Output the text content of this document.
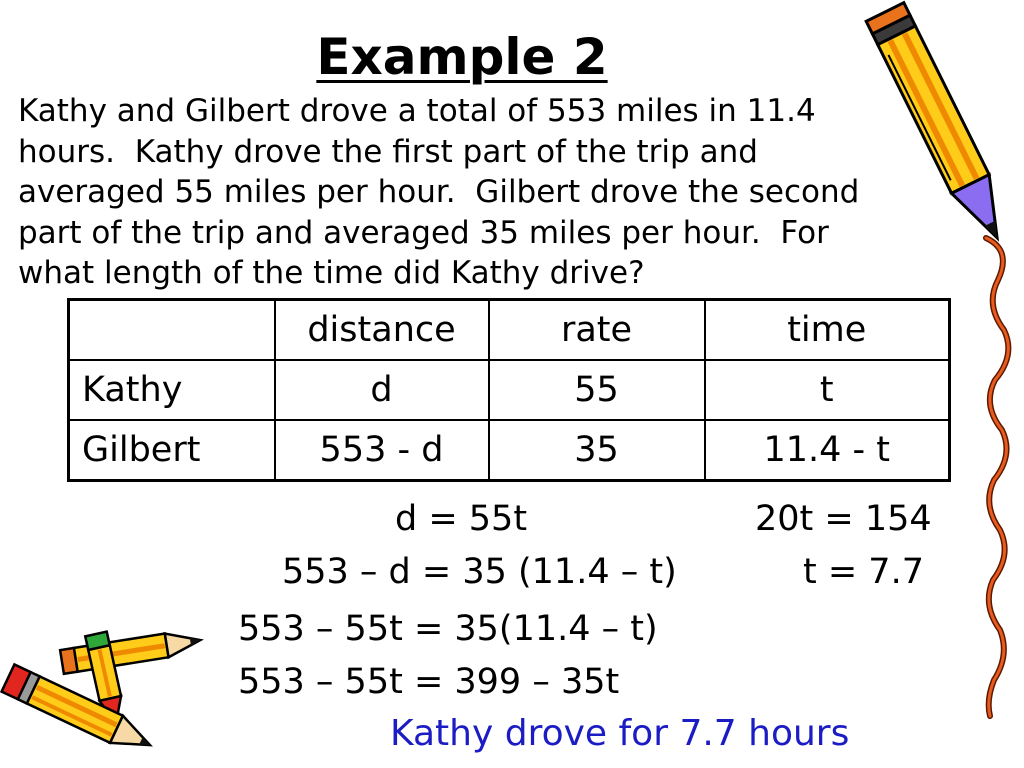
Example 2
Kathy and Gilbert drove a total of 553 miles in 11.4
hours.  Kathy drove the first part of the trip and
averaged 55 miles per hour.  Gilbert drove the second
part of the trip and averaged 35 miles per hour.  For
what length of the time did Kathy drive?
	distance	rate	time
Kathy	d	55	t
Gilbert	553 - d	35	11.4 - t
d = 55t
553 – d = 35 (11.4 – t)
553 – 55t = 35(11.4 – t)
553 – 55t = 399 – 35t
20t = 154
t = 7.7
Kathy drove for 7.7 hours
